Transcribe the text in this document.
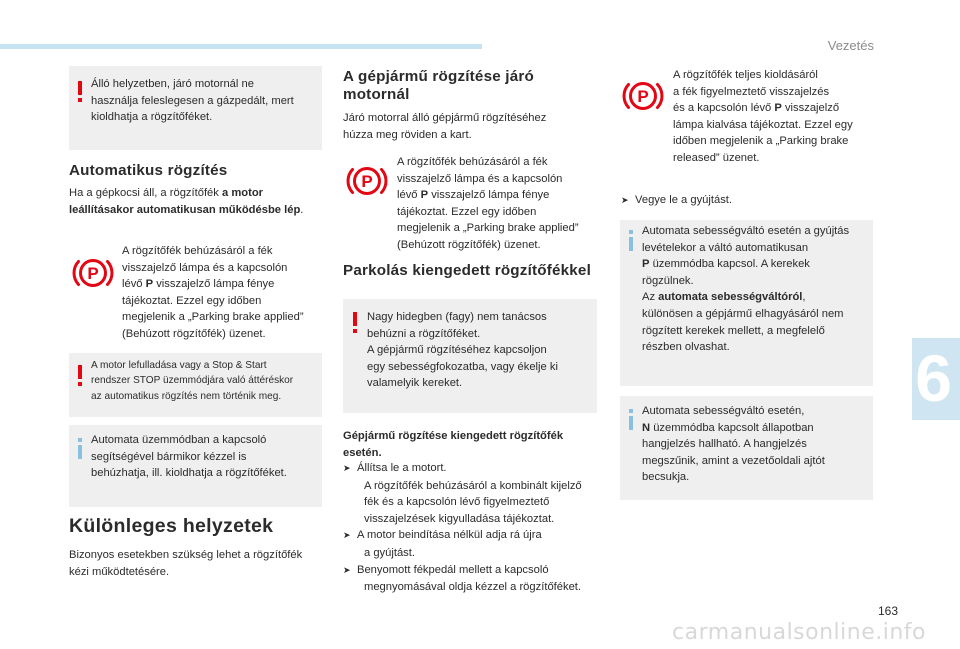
Vezetés
6
163
carmanualsonline.info
Álló helyzetben, járó motornál ne
használja feleslegesen a gázpedált, mert
kioldhatja a rögzítőféket.
Automatikus rögzítés
Ha a gépkocsi áll, a rögzítőfék a motor
leállításakor automatikusan működésbe lép.
A rögzítőfék behúzásáról a fék
visszajelző lámpa és a kapcsolón
lévő P visszajelző lámpa fénye
tájékoztat. Ezzel egy időben
megjelenik a „Parking brake applied”
(Behúzott rögzítőfék) üzenet.
A motor lefulladása vagy a Stop & Start
rendszer STOP üzemmódjára való áttéréskor
az automatikus rögzítés nem történik meg.
Automata üzemmódban a kapcsoló
segítségével bármikor kézzel is
behúzhatja, ill. kioldhatja a rögzítőféket.
Különleges helyzetek
Bizonyos esetekben szükség lehet a rögzítőfék
kézi működtetésére.
A gépjármű rögzítése járó
motornál
Járó motorral álló gépjármű rögzítéséhez
húzza meg röviden a kart.
A rögzítőfék behúzásáról a fék
visszajelző lámpa és a kapcsolón
lévő P visszajelző lámpa fénye
tájékoztat. Ezzel egy időben
megjelenik a „Parking brake applied”
(Behúzott rögzítőfék) üzenet.
Parkolás kiengedett rögzítőfékkel
Nagy hidegben (fagy) nem tanácsos
behúzni a rögzítőféket.
A gépjármű rögzítéséhez kapcsoljon
egy sebességfokozatba, vagy ékelje ki
valamelyik kereket.
Gépjármű rögzítése kiengedett rögzítőfék
esetén.
➤ Állítsa le a motort.
A rögzítőfék behúzásáról a kombinált kijelző
fék és a kapcsolón lévő figyelmeztető
visszajelzések kigyulladása tájékoztat.
➤ A motor beindítása nélkül adja rá újra
a gyújtást.
➤ Benyomott fékpedál mellett a kapcsoló
megnyomásával oldja kézzel a rögzítőféket.
A rögzítőfék teljes kioldásáról
a fék figyelmeztető visszajelzés
és a kapcsolón lévő P visszajelző
lámpa kialvása tájékoztat. Ezzel egy
időben megjelenik a „Parking brake
released” üzenet.
➤ Vegye le a gyújtást.
Automata sebességváltó esetén a gyújtás
levételekor a váltó automatikusan
P üzemmódba kapcsol. A kerekek
rögzülnek.
Az automata sebességváltóról,
különösen a gépjármű elhagyásáról nem
rögzített kerekek mellett, a megfelelő
részben olvashat.
Automata sebességváltó esetén,
N üzemmódba kapcsolt állapotban
hangjelzés hallható. A hangjelzés
megszűnik, amint a vezetőoldali ajtót
becsukja.
